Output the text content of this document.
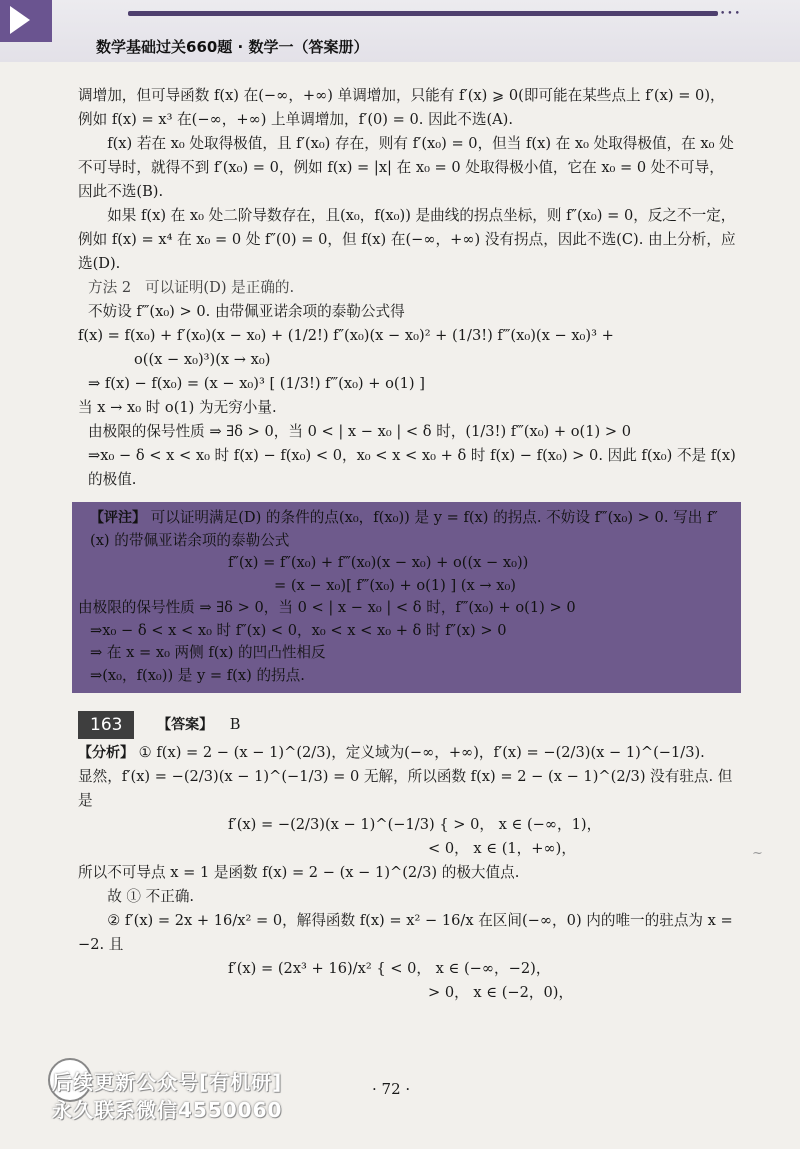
•••
数学基础过关660题 · 数学一（答案册）

调增加，但可导函数 f(x) 在(−∞，+∞) 单调增加，只能有 f′(x) ⩾ 0(即可能在某些点上 f′(x) = 0)，例如 f(x) = x³ 在(−∞，+∞) 上单调增加，f′(0) = 0. 因此不选(A).

f(x) 若在 x₀ 处取得极值，且 f′(x₀) 存在，则有 f′(x₀) = 0，但当 f(x) 在 x₀ 处取得极值，在 x₀ 处不可导时，就得不到 f′(x₀) = 0，例如 f(x) = |x| 在 x₀ = 0 处取得极小值，它在 x₀ = 0 处不可导，因此不选(B).

如果 f(x) 在 x₀ 处二阶导数存在，且(x₀，f(x₀)) 是曲线的拐点坐标，则 f″(x₀) = 0，反之不一定，例如 f(x) = x⁴ 在 x₀ = 0 处 f″(0) = 0，但 f(x) 在(−∞，+∞) 没有拐点，因此不选(C). 由上分析，应选(D).

方法 2 可以证明(D) 是正确的.

不妨设 f‴(x₀) > 0. 由带佩亚诺余项的泰勒公式得

f(x) = f(x₀) + f′(x₀)(x − x₀) + (1/2!) f″(x₀)(x − x₀)² + (1/3!) f‴(x₀)(x − x₀)³ +

o((x − x₀)³)(x → x₀)

⇒ f(x) − f(x₀) = (x − x₀)³ [ (1/3!) f‴(x₀) + o(1) ]

当 x → x₀ 时 o(1) 为无穷小量.

由极限的保号性质 ⇒ ∃δ > 0，当 0 < | x − x₀ | < δ 时，(1/3!) f‴(x₀) + o(1) > 0

⇒x₀ − δ < x < x₀ 时 f(x) − f(x₀) < 0，x₀ < x < x₀ + δ 时 f(x) − f(x₀) > 0. 因此 f(x₀) 不是 f(x) 的极值.

【评注】 可以证明满足(D) 的条件的点(x₀，f(x₀)) 是 y = f(x) 的拐点. 不妨设 f‴(x₀) > 0. 写出 f″(x) 的带佩亚诺余项的泰勒公式

f″(x) = f″(x₀) + f‴(x₀)(x − x₀) + o((x − x₀))

= (x − x₀)[ f‴(x₀) + o(1) ] (x → x₀)

由极限的保号性质 ⇒ ∃δ > 0，当 0 < | x − x₀ | < δ 时，f‴(x₀) + o(1) > 0

⇒x₀ − δ < x < x₀ 时 f″(x) < 0，x₀ < x < x₀ + δ 时 f″(x) > 0

⇒ 在 x = x₀ 两侧 f(x) 的凹凸性相反

⇒(x₀，f(x₀)) 是 y = f(x) 的拐点.

163 【答案】 B

【分析】 ① f(x) = 2 − (x − 1)^(2/3)，定义域为(−∞，+∞)，f′(x) = −(2/3)(x − 1)^(−1/3).

显然，f′(x) = −(2/3)(x − 1)^(−1/3) = 0 无解，所以函数 f(x) = 2 − (x − 1)^(2/3) 没有驻点. 但是

f′(x) = −(2/3)(x − 1)^(−1/3) { > 0， x ∈ (−∞，1)，

< 0， x ∈ (1，+∞)，

所以不可导点 x = 1 是函数 f(x) = 2 − (x − 1)^(2/3) 的极大值点.

故 ① 不正确.

② f′(x) = 2x + 16/x² = 0，解得函数 f(x) = x² − 16/x 在区间(−∞，0) 内的唯一的驻点为 x = −2. 且

f′(x) = (2x³ + 16)/x² { < 0， x ∈ (−∞，−2)，

> 0， x ∈ (−2，0)，

~
后续更新公众号[有机研]
永久联系微信4550060
· 72 ·
